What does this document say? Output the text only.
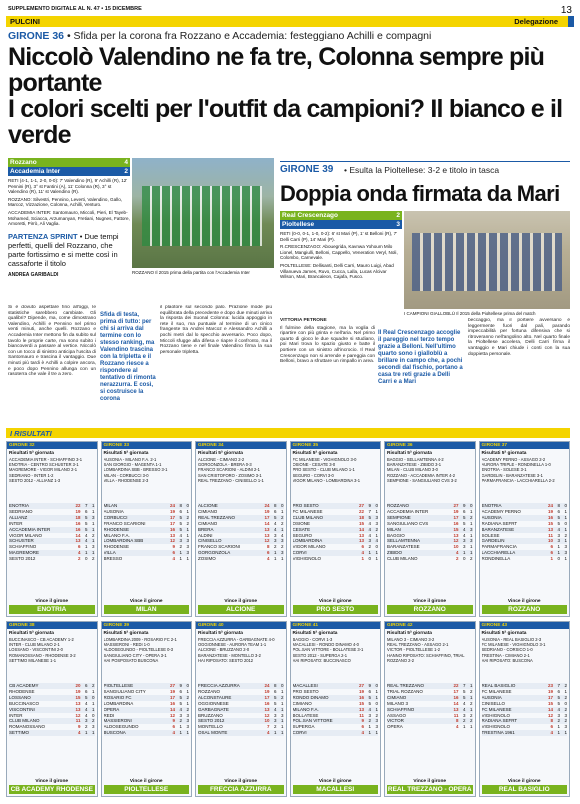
SUPPLEMENTO DIGITALE AL N. 47 • 15 DICEMBRE	13
PULCINI	Delegazione
GIRONE 36 • Sfida per la corona fra Rozzano e Accademia: festeggiano Achilli e compagni
Niccolò Valendino ne fa tre, Colonna sempre più portante
I colori scelti per l'outfit da campioni? Il bianco e il verde
Rozzano	4
Accademia Inter	2
RETI (4-1, 1-1, 2-0, 0-0): 7' Valendino (R), 9' Achilli (R), 12' Pennini (R), 3° st Fantini (A), 11' Colonna (R), 3° st Valendino (R), 11' st Valendino (R).
ROZZANO: Silvestri, Pennino, Leverti, Valendino, Gallo, Marcoz, Vizzazione, Colonna, Achilli, Venturo.
ACCADEMIA INTER: Santomauro, Miccoli, Pieri, El Tayeb-Mohamed, Sciacca, Arzumanyan, Fretiani, Nugnes, Fattore, Amoretti, Pirrò, Ali Vaglia.
PARTENZA SPRINT • Due tempi perfetti, quelli del Rozzano, che parte fortissimo e si mette così in cassaforte il titolo
ANDREA GARIBALDI	ROZZANO Il 2015 prima della partita con l'Accademia Inter
Si è dovuto aspettare fino all'oggi, le statistiche sarebbero cambiate. Gli qualibri? Dipende, ma, come dimostrano Valendino, Achilli e Pennino nel primo venti minuti, anche quelli. Rozzano e Accademia Inter mettono fin da subito sul tavolo le proprie carte, ma sono subito i biancoverdi a passare al vertice. Niccolò con un tocco di sinistro anticipa l'uscita di Santomauro e trascina il vantaggio. Due minuti più tardi è Achilli a colpire ancora, e poco dopo Pennino allunga con un rasoterra che vale il tre a zero.
Sfida di testa, prima di tutto: per chi si arriva dal termine con lo stesso ranking, ma Valendino trascina con la tripletta e il Rozzano riesce a rispondere al tentativo di rimonta nerazzurra. E così, si costruisce la corona
il plaotore sul secondo palo. Prazione mode più equilibrata della precedente e dopo due minuti arriva la risposta dei Suonal Colonna: lucida appoggio in rete il suo, ma puntuale al termine di un cinico frangente tra Andrei Marcoz e Alessandro Achilli a pochi metri dal lo specchio avversario. Poco dopo, Miccoli sfugge alla difesa e riapre il confronto, ma il Rozzano tiene e nel finale Valendino firma la sua personale tripletta.
GIRONE 39 • Esulta la Pioltellese: 3-2 e titolo in tasca
Doppia onda firmata da Mari
Real Crescenzago	2
Pioltellese	3
RETI (0-0, 0-1, 1-0, 0-2): 6' st Mari (P), 1' st Belloni (R), 7' Delli Carri (P), 14' Mari (P).
R.CRESCENZAGO: Abouegrida, Kavnwa Yohoum Milo Lionel, Mangiulli, Belloni, Cappello, Veneration Veryl, Noli, Colombo, Carnevale.
PIOLTELLESE: Dellisanti, Delli Carri, Mauro Luigi, Abad Villanueva James, Ruvo, Cucca, Lalla, Lucas Alcivar Wilson, Mari, Brancaleon, Cajafa, Fusco.
I CAMPIONI GIALLOBLÙ Il 2015 della Pioltellese prima del match
VITTORIA PETRONE
Il fulmine della stagione, ma la voglia di ripartire con più grinta e nell'aria. Nel primo quarto di gioco le due squadre si studiano, poi Mari trova lo spazio giusto e batte il portiere con un sinistro all'incrocio. Il Real Crescenzago non si arrende e pareggia con Belloni, bravo a sfruttare un rimpallo in area.
Il Real Crescenzago accoglie il pareggio nel terzo tempo grazie a Belloni. Nell'ultimo quarto sono i gialloblù a brillare in campo che, a pochi secondi dal fischio, portano a casa tre reti grazie a Delli Carri e a Mari
beccaggio, ma il portiere avversario è leggermente fuori dal pali, parando impeccabilità per fortuna difensiva che si ritroveranno nell'angolino alto. Nel quarto finale la Pioltellese accelera, Delli Carri firma il vantaggio e Mari chiude i conti con la sua doppietta personale.
I RISULTATI
GIRONE 32
Risultati 5ª giornata
ACCADEMIA INTER - SCHIAFFINO 3-1
ENOTRIA - CENTRO SCHUSTER 3-1
MAGREMORE - VIGOR MILANO 2-1
SEDRIANO - INTER 1-2
SESTO 2012 - ALLIANZ 1-3
ENOTRIA	22 7 1
SEDRIANO	19 6 1
ALLIANZ	18 5 3
INTER	16 5 1
ACCADEMIA INTER	16 5 1
VIGOR MILANO	14 4 2
SCHUSTER	13 4 1
SCHIAFFINO	6 1 3
MAGREMORE	4 1 1
SESTO 2012	2 0 2
Vince il girone
ENOTRIA
GIRONE 33
Risultati 5ª giornata
AUSONIA - MILANO F.A. 2-1
SAN GIORGIO - MAGENTA 1-1
LOMBARDINA SBB - BRESSO 3-1
MILAN - CORBUCCI 3-0
VILLA - RHODENSE 2-3
MILAN	24 8 0
AUSONIA	19 6 1
CORBUCCI	17 5 2
FRANCO SCARIONI	17 5 2
RHODENSE	16 5 1
MILANO F.A.	13 4 1
LOMBARDINA SBB	12 3 3
RHODENSE	9 2 3
VILLA	6 1 3
BRESSO	4 1 1
Vince il girone
MILAN
GIRONE 34
Risultati 5ª giornata
ALCIONE - CIMIANO 2-2
GORGONZOLA - BRERA 0-3
FRANCO SCARIONI - ALDINI 2-1
SAN CRISTOFORO - ZOSIMO 3-1
REAL TREZZANO - CINISELLO 1-1
ALCIONE	24 8 0
CIMIANO	19 6 1
REAL TREZZANO	17 5 2
CIMIANO	14 4 2
BRERA	13 4 1
ALDINI	13 3 4
CINISELLO	12 3 3
FRANCO SCARIONI	8 2 2
GORGONZOLA	6 1 3
ZOSIMO	4 1 1
Vince il girone
ALCIONE
GIRONE 35
Risultati 5ª giornata
FC MILANESE - VIGHIGNOLO 3-0
OSIONE - CESATE 3-0
PRO SESTO - CLUB MILANO 1-1
SEGURO - CORVI 3-0
VIGOR MILANO - LOMBARDINA 3-1
PRO SESTO	27 9 0
FC MILANESE	22 7 1
CLUB MILANO	18 5 3
OSIONE	15 4 3
CESATE	14 4 2
SEGURO	13 4 1
LOMBARDINA	13 3 4
VIGOR MILANO	6 2 0
CORVI	4 1 1
VIGHIGNOLO	1 0 1
Vince il girone
PRO SESTO
GIRONE 36
Risultati 5ª giornata
BAGGIO - SELLAMTENNA 4-2
BARANZATESE - ZIBIDO 3-1
MILAN - CLUB MILANO 3-0
ROZZANO - ACCADEMIA INTER 4-2
SEMPIONE - SANGIULIANO CVS 3-2
ROZZANO	27 9 0
ACCADEMIA INTER	19 6 1
SEMPIONE	17 5 2
SANGIULIANO CVS	16 5 1
MILAN	15 4 3
BAGGIO	13 4 1
SELLAMTENNA	12 3 3
BARANZATESE	10 3 1
ZIBIDO	4 1 1
CLUB MILANO	2 0 2
Vince il girone
ROZZANO
GIRONE 37
Risultati 5ª giornata
ACADEMY PERNO - ASSAGO 2-2
AURORA TRIPLE - RONDINELLA 1-0
ENOTRIA - SOLESE 3-1
GARDELIN - BARANZATESE 3-1
PARMAFRANCIA - LACCHIARELLA 2-2
ENOTRIA	24 8 0
ACADEMY PERNO	19 6 1
AUSONIA	16 5 1
RADIANA SEFRT	15 5 0
BARANZATESE	13 4 1
SOLESE	11 3 2
GARDELIN	10 3 1
PARMAFRANCIA	6 1 3
LACCHIARELLA	6 1 3
RONDINELLA	1 0 1
Vince il girone
ROZZANO
GIRONE 38
Risultati 5ª giornata
BUCCINASCO - CB ACADEMY 1-2
INTER - CLUB MILANO 2-1
LOSSANO - VISCONTINI 2-0
ROMANOSSANO - RHODENSE 3-2
SETTIMO MILANESE 1-1
CB ACADEMY	20 6 2
RHODENSE	19 6 1
LOSSANO	15 5 0
BUCCINASCO	13 4 1
VISCONTINI	13 4 1
INTER	12 4 0
CLUB MILANO	11 3 2
ROMANOSSANO	9 2 3
SETTIMO	4 1 1
Vince il girone
CB ACADEMY RHODENSE
GIRONE 39
Risultati 5ª giornata
LOMBARDINA 2009 - ROSARIO FC 2-1
MASSIERONI - REDI 1-0
ALDOSEGUNDO - PIOLTELLESE 0-3
SANGIULIANO CITY - OPERA 3-1
HAI POSPOSATO BUSCONA
PIOLTELLESE	27 9 0
SANGIULIANO CITY	19 6 1
ROSARIO FC	17 5 2
LOMBARDINA	16 5 1
OPERA	14 4 2
REDI	12 3 3
MASSIERONI	9 2 3
ALDOSEGUNDO	6 1 3
BUSCONA	4 1 1
Vince il girone
PIOLTELLESE
GIRONE 40
Risultati 5ª giornata
FRECCIA AZZURRA - GARBAGNATE 4-0
OGGIONNESE - AURORA TEAM 1-1
ALCIONE - BRUZZANO 2-0
BARANZATESE - MONTELLO 3-2
HAI RIPOSATO: SESTO 2012
FRECCIA AZZURRA	24 8 0
ROZZANO	19 6 1
ALCONSTAURE	17 5 2
OGGIONNESE	16 5 1
GARBAGNATE	13 4 1
BRUZZANO	12 3 3
SESTO 2012	10 3 1
MONTELLO	7 2 1
OSAL MONTE	4 1 1
Vince il girone
FRECCIA AZZURRA
GIRONE 41
Risultati 5ª giornata
BAGGIO - CORVI 1-3
MACALLESI - RONDO DINAMO 4-0
POL.SAN VITTORE - BOLLATESE 3-1
SESTO 2012 - SUPERGA 2-1
HAI RIPOSATO: BUCCINASCO
MACALLESI	27 9 0
PRO SESTO	19 6 1
RONDO DINAMO	16 5 1
CIMIANO	15 5 0
MILANO F.A.	13 4 1
BOLLATESE	11 3 2
POL.SAN VITTORE	9 2 3
SUPERGA	6 1 3
CORVI	4 1 1
Vince il girone
MACALLESI
GIRONE 42
Risultati 5ª giornata
MILANO 3 - CIMIANO 3-2
REAL TREZZANO - ASSAGO 2-1
VICTOR - PIOLTELLESE 1-2
HANNO RIPOSATO: SCHIAFFINO, TRIAL
ROZZANO 2-2
REAL TREZZANO	22 7 1
TRIAL ROZZANO	17 5 2
CIMIANO	16 5 1
MILANO 3	14 4 2
SCHIAFFINO	13 4 1
ASSAGO	11 3 2
VICTOR	8 2 2
OPERA	4 1 1
Vince il girone
REAL TREZZANO - OPERA
GIRONE 43
Risultati 5ª giornata
AUSONIA - REAL BASIGLIO 2-3
FC MILANESE - VIGHIGNOLO 3-1
SEDRIANO - CORSICO 1-0
TRESTINA - CIMIANO 2-1
HAI RIPOSATO: BUSCONA
REAL BASIGLIO	23 7 2
FC MILANESE	19 6 1
AUSONIA	17 5 2
CINISELLO	15 5 0
FC MILANESE	14 4 2
VIGHIGNOLO	12 3 3
RADIANA SEFRT	8 2 2
VIGHIGNOLO	6 1 3
TRESTINA 1961	4 1 1
Vince il girone
REAL BASIGLIO
